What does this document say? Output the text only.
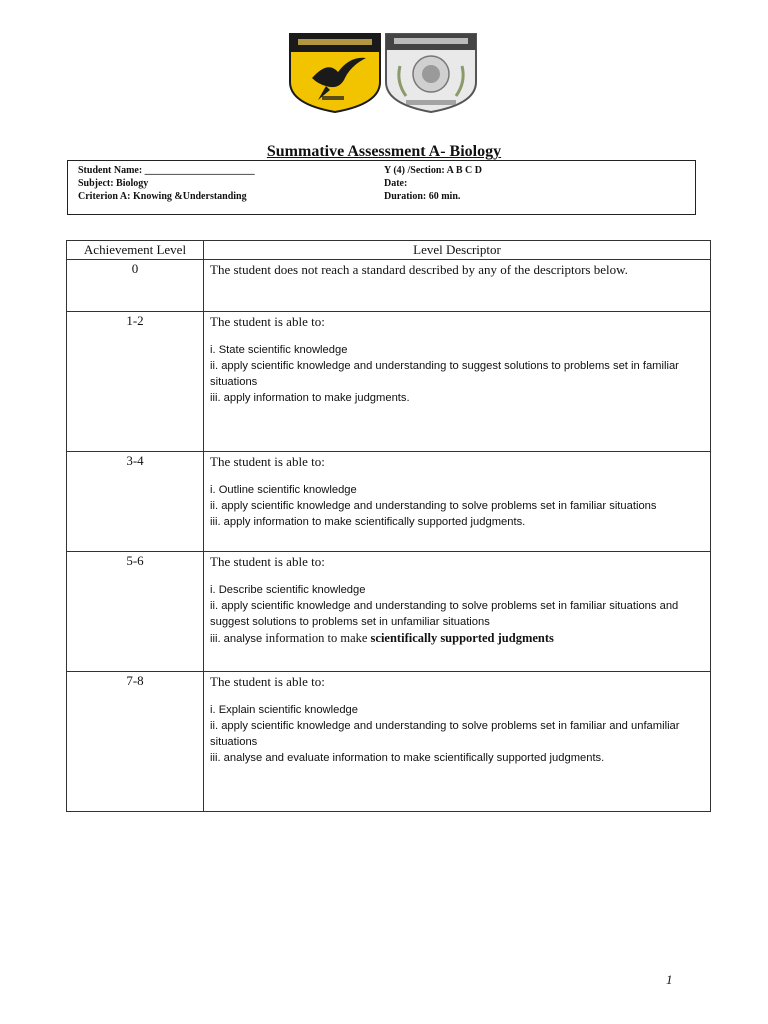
Summative Assessment A- Biology
Student Name: ______________________
Subject: Biology
Criterion A: Knowing &Understanding
Y (4) /Section: A B C D
Date:
Duration: 60 min.
Achievement Level	Level Descriptor
0	The student does not reach a standard described by any of the descriptors below.

1-2	The student is able to:
i. State scientific knowledge
ii. apply scientific knowledge and understanding to suggest solutions to problems set in familiar situations
iii. apply information to make judgments.

3-4	The student is able to:
i. Outline scientific knowledge
ii. apply scientific knowledge and understanding to solve problems set in familiar situations
iii. apply information to make scientifically supported judgments.

5-6	The student is able to:
i. Describe scientific knowledge
ii. apply scientific knowledge and understanding to solve problems set in familiar situations and suggest solutions to problems set in unfamiliar situations
iii. analyse information to make scientifically supported judgments

7-8	The student is able to:
i. Explain scientific knowledge
ii. apply scientific knowledge and understanding to solve problems set in familiar and unfamiliar situations
iii. analyse and evaluate information to make scientifically supported judgments.
1
